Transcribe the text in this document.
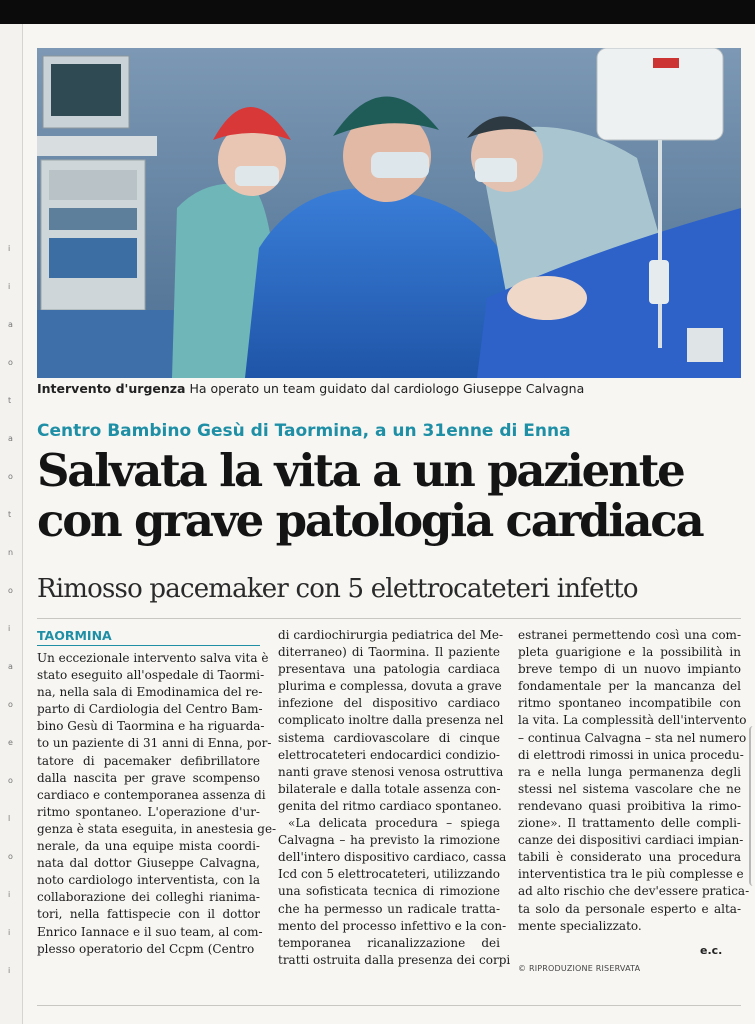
i
i
a
o
t
a
o
t
n
o
i
a
o
e
o
l
o
i
i
i
Intervento d'urgenza Ha operato un team guidato dal cardiologo Giuseppe Calvagna
Centro Bambino Gesù di Taormina, a un 31enne di Enna
Salvata la vita a un paziente
con grave patologia cardiaca
Rimosso pacemaker con 5 elettrocateteri infetto
TAORMINA
Un eccezionale intervento salva vita è
stato eseguito all'ospedale di Taormi-
na, nella sala di Emodinamica del re-
parto di Cardiologia del Centro Bam-
bino Gesù di Taormina e ha riguarda-
to un paziente di 31 anni di Enna, por-
tatore di pacemaker defibrillatore
dalla nascita per grave scompenso
cardiaco e contemporanea assenza di
ritmo spontaneo. L'operazione d'ur-
genza è stata eseguita, in anestesia ge-
nerale, da una equipe mista coordi-
nata dal dottor Giuseppe Calvagna,
noto cardiologo interventista, con la
collaborazione dei colleghi rianima-
tori, nella fattispecie con il dottor
Enrico Iannace e il suo team, al com-
plesso operatorio del Ccpm (Centro
di cardiochirurgia pediatrica del Me-
diterraneo) di Taormina. Il paziente
presentava una patologia cardiaca
plurima e complessa, dovuta a grave
infezione del dispositivo cardiaco
complicato inoltre dalla presenza nel
sistema cardiovascolare di cinque
elettrocateteri endocardici condizio-
nanti grave stenosi venosa ostruttiva
bilaterale e dalla totale assenza con-
genita del ritmo cardiaco spontaneo.
«La delicata procedura – spiega
Calvagna – ha previsto la rimozione
dell'intero dispositivo cardiaco, cassa
Icd con 5 elettrocateteri, utilizzando
una sofisticata tecnica di rimozione
che ha permesso un radicale tratta-
mento del processo infettivo e la con-
temporanea ricanalizzazione dei
tratti ostruita dalla presenza dei corpi
estranei permettendo così una com-
pleta guarigione e la possibilità in
breve tempo di un nuovo impianto
fondamentale per la mancanza del
ritmo spontaneo incompatibile con
la vita. La complessità dell'intervento
– continua Calvagna – sta nel numero
di elettrodi rimossi in unica procedu-
ra e nella lunga permanenza degli
stessi nel sistema vascolare che ne
rendevano quasi proibitiva la rimo-
zione». Il trattamento delle compli-
canze dei dispositivi cardiaci impian-
tabili è considerato una procedura
interventistica tra le più complesse e
ad alto rischio che dev'essere pratica-
ta solo da personale esperto e alta-
mente specializzato.
e.c.
© RIPRODUZIONE RISERVATA
